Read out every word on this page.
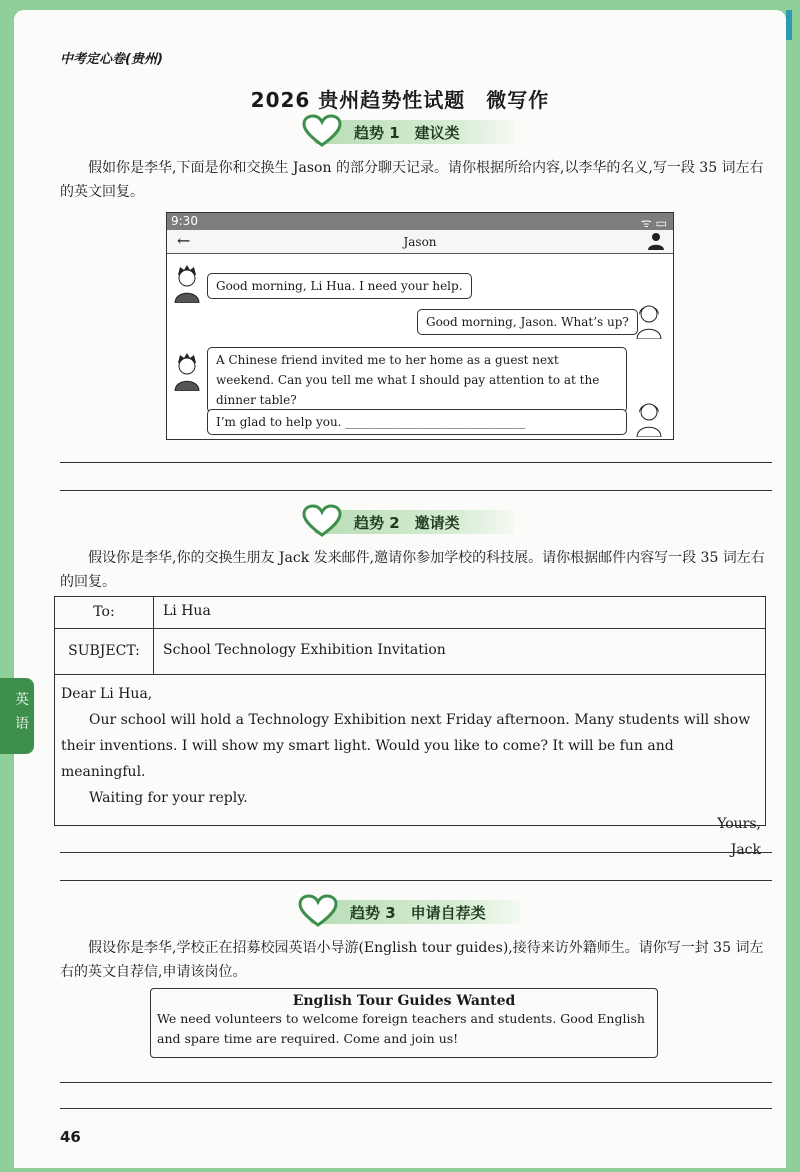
中考定心卷(贵州)
2026 贵州趋势性试题　微写作
趋势 1　建议类
假如你是李华,下面是你和交换生 Jason 的部分聊天记录。请你根据所给内容,以李华的名义,写一段 35 词左右的英文回复。
9:30	ᯤ ▭
←	Jason
Good morning, Li Hua. I need your help.
Good morning, Jason. What’s up?
A Chinese friend invited me to her home as a guest next weekend. Can you tell me what I should pay attention to at the dinner table?
I’m glad to help you. ______________________________
趋势 2　邀请类
假设你是李华,你的交换生朋友 Jack 发来邮件,邀请你参加学校的科技展。请你根据邮件内容写一段 35 词左右的回复。
To:	Li Hua
SUBJECT:	School Technology Exhibition Invitation

Dear Li Hua,

Our school will hold a Technology Exhibition next Friday afternoon. Many students will show their inventions. I will show my smart light. Would you like to come? It will be fun and meaningful.

Waiting for your reply.

Yours,

Jack

趋势 3　申请自荐类
假设你是李华,学校正在招募校园英语小导游(English tour guides),接待来访外籍师生。请你写一封 35 词左右的英文自荐信,申请该岗位。
English Tour Guides Wanted
We need volunteers to welcome foreign teachers and students. Good English and spare time are required. Come and join us!
英语
46
